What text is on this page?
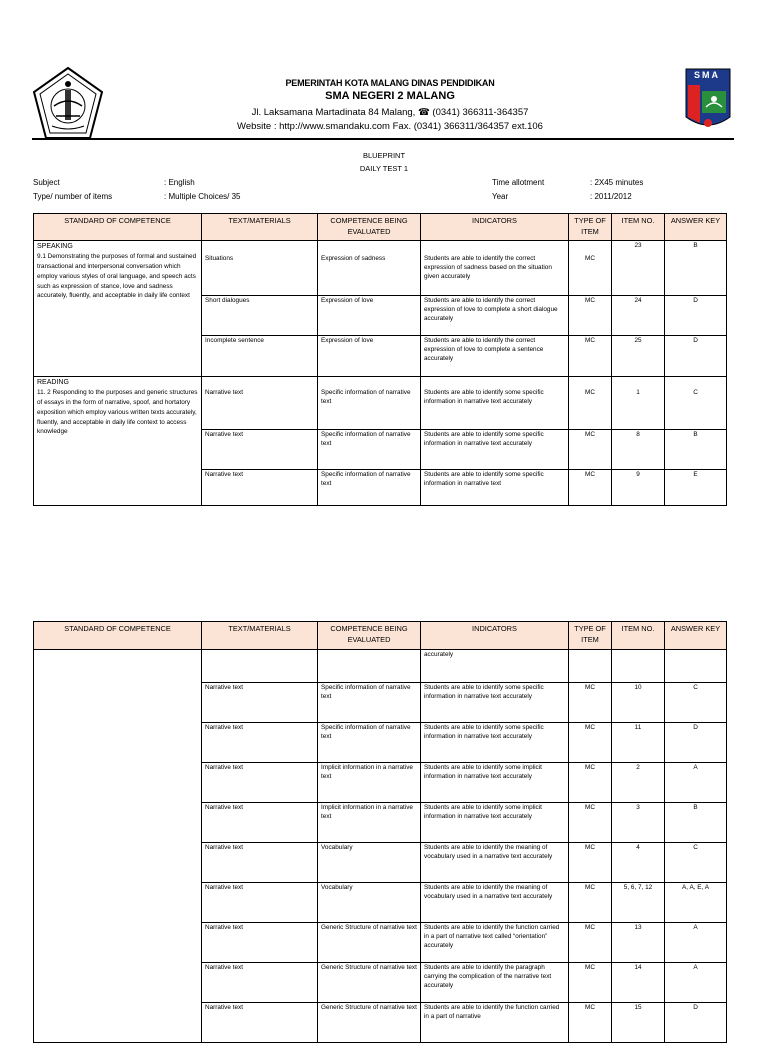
SMA
PEMERINTAH KOTA MALANG DINAS PENDIDIKAN
SMA NEGERI 2 MALANG
Jl. Laksamana Martadinata 84 Malang, ☎ (0341) 366311-364357
Website : http://www.smandaku.com Fax. (0341) 366311/364357 ext.106
BLUEPRINT
DAILY TEST 1
Subject	: English
Type/ number of items	: Multiple Choices/ 35
Time allotment	: 2X45 minutes
Year	: 2011/2012
STANDARD OF COMPETENCE	TEXT/MATERIALS	COMPETENCE BEING EVALUATED	INDICATORS	TYPE OF ITEM	ITEM NO.	ANSWER KEY

SPEAKING
9.1 Demonstrating the purposes of formal and sustained transactional and interpersonal conversation which employ various styles of oral language, and speech acts such as expression of stance, love and sadness accurately, fluently, and acceptable in daily life context	Situations	Expression of sadness	Students are able to identify the correct expression of sadness based on the situation given accurately	MC	23	B
	Short dialogues	Expression of love	Students are able to identify the correct expression of love to complete a short dialogue accurately	MC	24	D
	Incomplete sentence	Expression of love	Students are able to identify the correct expression of love to complete a sentence accurately	MC	25	D

READING
11. 2 Responding to the purposes and generic structures of essays in the form of narrative, spoof, and hortatory exposition which employ various written texts accurately, fluently, and acceptable in daily life context to access knowledge	Narrative text	Specific information of narrative text	Students are able to identify some specific information in narrative text accurately	MC	1	C
	Narrative text	Specific information of narrative text	Students are able to identify some specific information in narrative text accurately	MC	8	B
	Narrative text	Specific information of narrative text	Students are able to identify some specific information in narrative text	MC	9	E
STANDARD OF COMPETENCE	TEXT/MATERIALS	COMPETENCE BEING EVALUATED	INDICATORS	TYPE OF ITEM	ITEM NO.	ANSWER KEY
			accurately			
	Narrative text	Specific information of narrative text	Students are able to identify some specific information in narrative text accurately	MC	10	C
	Narrative text	Specific information of narrative text	Students are able to identify some specific information in narrative text accurately	MC	11	D
	Narrative text	Implicit information in a narrative text	Students are able to identify some implicit information in narrative text accurately	MC	2	A
	Narrative text	Implicit information in a narrative text	Students are able to identify some implicit information in narrative text accurately	MC	3	B
	Narrative text	Vocabulary	Students are able to identify the meaning of vocabulary used in a narrative text accurately	MC	4	C
	Narrative text	Vocabulary	Students are able to identify the meaning of vocabulary used in a narrative text accurately	MC	5, 6, 7, 12	A, A, E, A
	Narrative text	Generic Structure of narrative text	Students are able to identify the function carried in a part of narrative text called “orientation” accurately	MC	13	A
	Narrative text	Generic Structure of narrative text	Students are able to identify the paragraph carrying the complication of the narrative text accurately	MC	14	A
	Narrative text	Generic Structure of narrative text	Students are able to identify the function carried in a part of narrative	MC	15	D
